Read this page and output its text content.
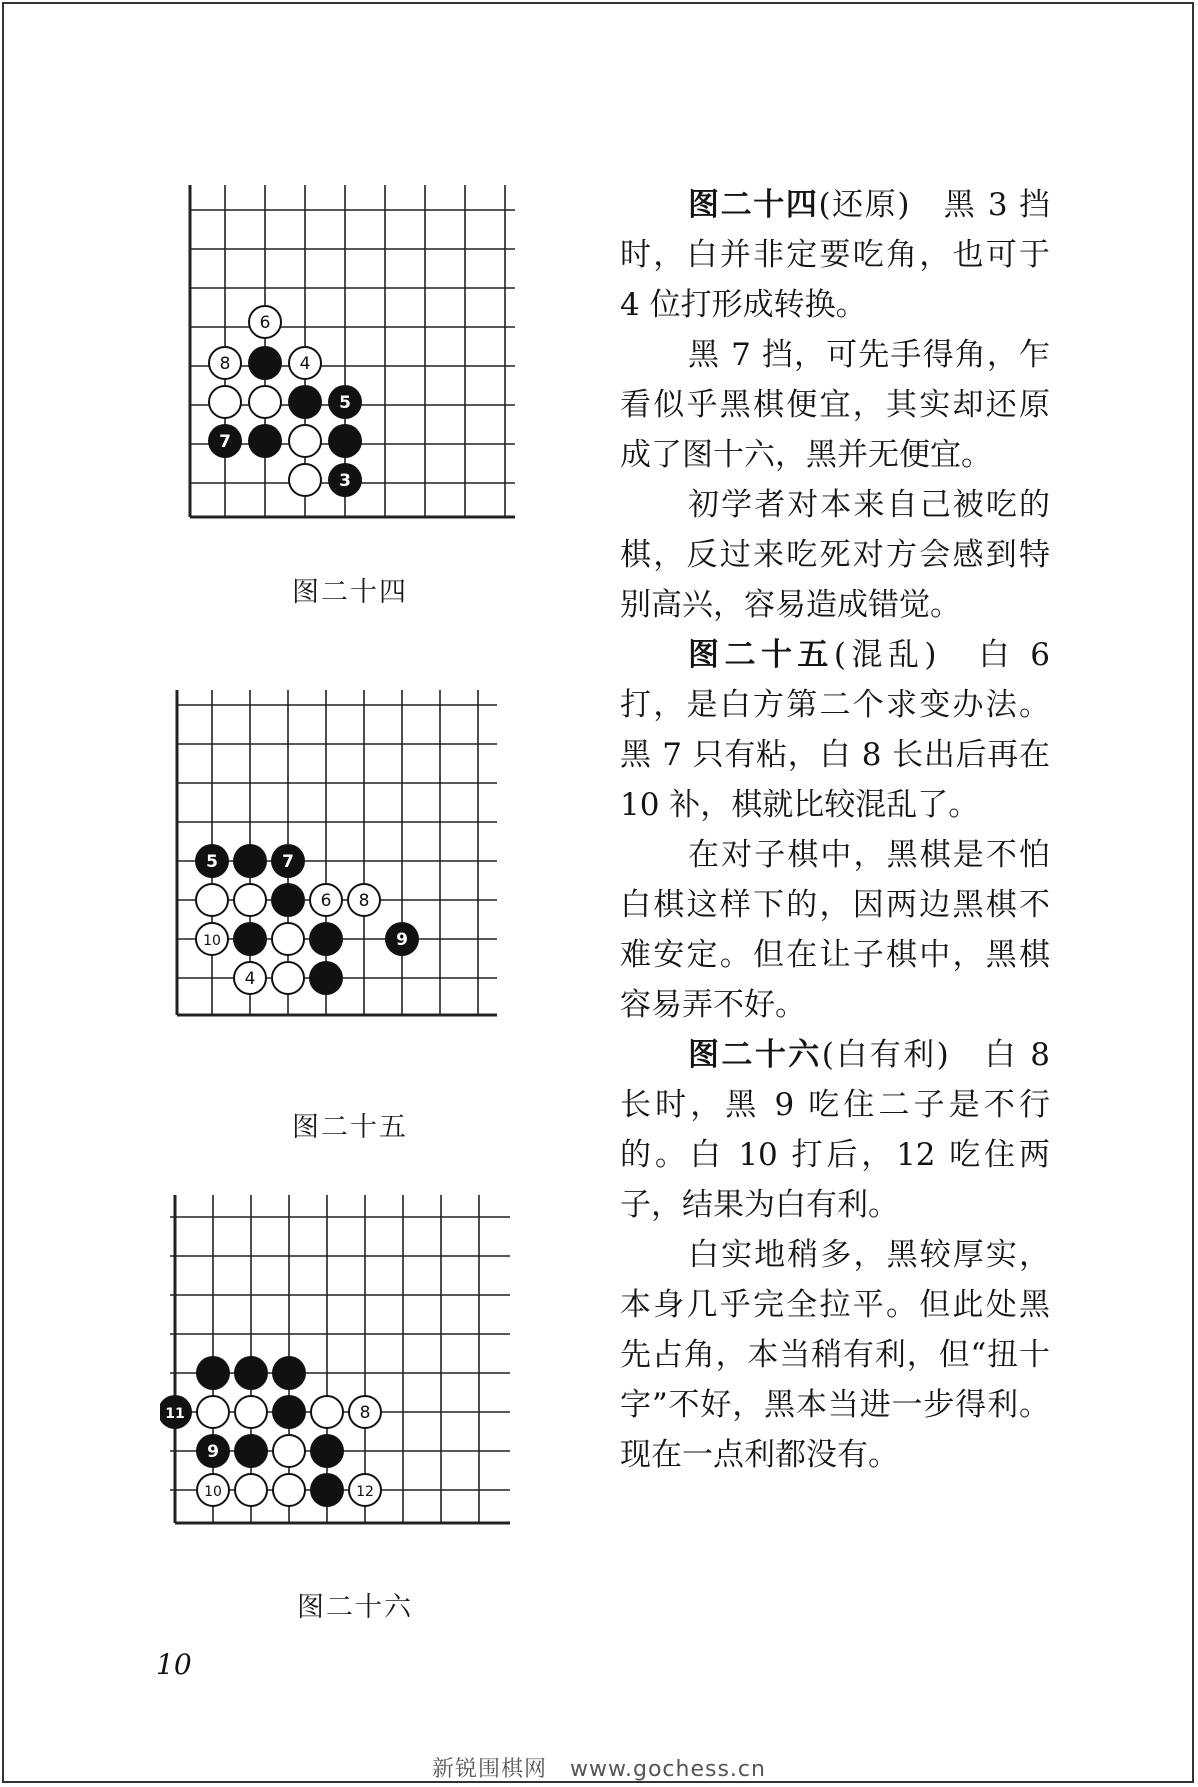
6
8	4
5
7
3
图二十四
5	7
6 8
10	9
4
图二十五
11	8
9
10	12
图二十六

图二十四(还原)　黑 3 挡时，白并非定要吃角，也可于 4 位打形成转换。

黑 7 挡，可先手得角，乍看似乎黑棋便宜，其实却还原成了图十六，黑并无便宜。

初学者对本来自己被吃的棋，反过来吃死对方会感到特别高兴，容易造成错觉。

图二十五(混乱)　白 6 打，是白方第二个求变办法。黑 7 只有粘，白 8 长出后再在 10 补，棋就比较混乱了。

在对子棋中，黑棋是不怕白棋这样下的，因两边黑棋不难安定。但在让子棋中，黑棋容易弄不好。

图二十六(白有利)　白 8 长时，黑 9 吃住二子是不行的。白 10 打后，12 吃住两子，结果为白有利。

白实地稍多，黑较厚实，本身几乎完全拉平。但此处黑先占角，本当稍有利，但“扭十字”不好，黑本当进一步得利。现在一点利都没有。

10
新锐围棋网　www.gochess.cn
